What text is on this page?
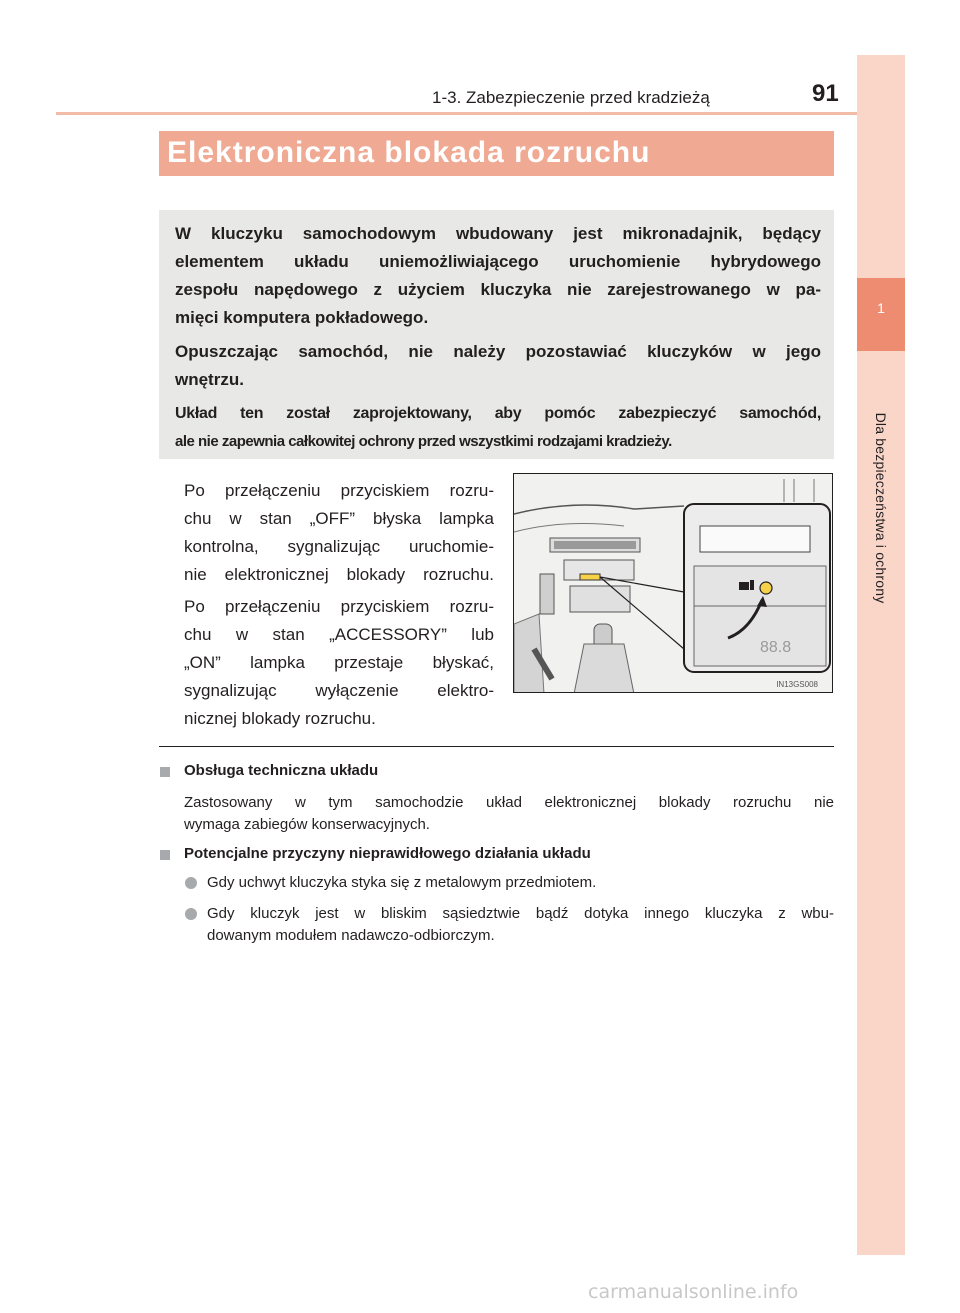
1
Dla bezpieczeństwa i ochrony
1-3. Zabezpieczenie przed kradzieżą	91
Elektroniczna blokada rozruchu
W kluczyku samochodowym wbudowany jest mikronadajnik, będący
elementem układu uniemożliwiającego uruchomienie hybrydowego
zespołu napędowego z użyciem kluczyka nie zarejestrowanego w pa-
mięci komputera pokładowego.
Opuszczając samochód, nie należy pozostawiać kluczyków w jego
wnętrzu.
Układ ten został zaprojektowany, aby pomóc zabezpieczyć samochód,
ale nie zapewnia całkowitej ochrony przed wszystkimi rodzajami kradzieży.
Po przełączeniu przyciskiem rozru-
chu w stan „OFF” błyska lampka
kontrolna, sygnalizując uruchomie-
nie elektronicznej blokady rozruchu.
Po przełączeniu przyciskiem rozru-
chu w stan „ACCESSORY” lub
„ON” lampka przestaje błyskać,
sygnalizując wyłączenie elektro-
nicznej blokady rozruchu.
88.8
IN13GS008
Obsługa techniczna układu
Zastosowany w tym samochodzie układ elektronicznej blokady rozruchu nie
wymaga zabiegów konserwacyjnych.
Potencjalne przyczyny nieprawidłowego działania układu
Gdy uchwyt kluczyka styka się z metalowym przedmiotem.
Gdy kluczyk jest w bliskim sąsiedztwie bądź dotyka innego kluczyka z wbu-
dowanym modułem nadawczo-odbiorczym.
carmanualsonline.info
